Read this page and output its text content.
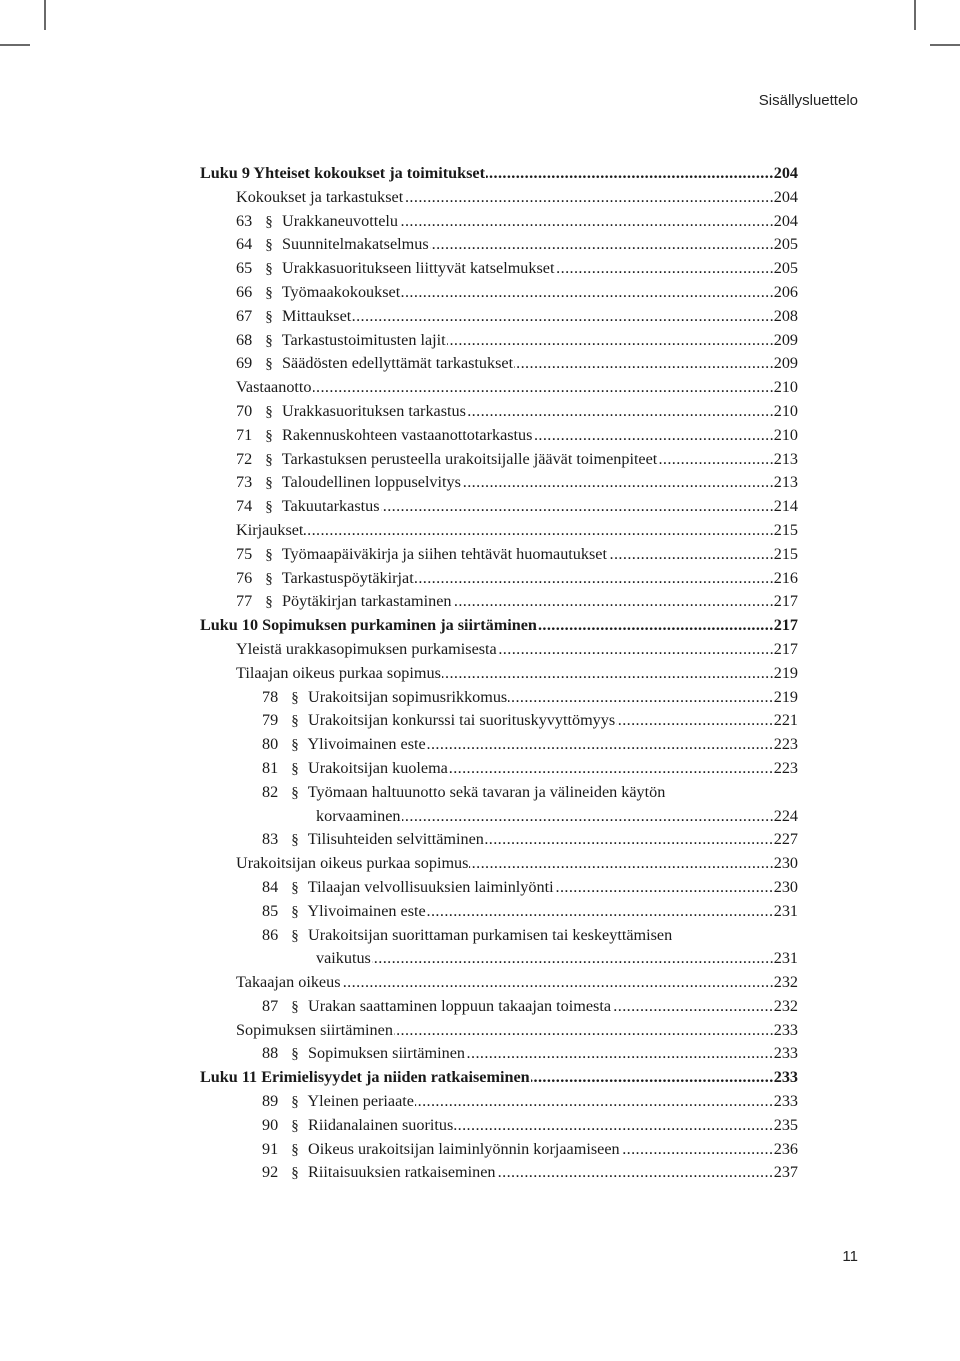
Sisällysluettelo
.....
Luku 9 Yhteiset kokoukset ja toimitukset	204
.....
Kokoukset ja tarkastukset	204
.....
63 § Urakkaneuvottelu	204
.....
64 § Suunnitelmakatselmus	205
.....
65 § Urakkasuoritukseen liittyvät katselmukset	205
.....
66 § Työmaakokoukset	206
.....
67 § Mittaukset	208
.....
68 § Tarkastustoimitusten lajit	209
.....
69 § Säädösten edellyttämät tarkastukset	209
.....
Vastaanotto	210
.....
70 § Urakkasuorituksen tarkastus	210
.....
71 § Rakennuskohteen vastaanottotarkastus	210
.....
72 § Tarkastuksen perusteella urakoitsijalle jäävät toimenpiteet	213
.....
73 § Taloudellinen loppuselvitys	213
.....
74 § Takuutarkastus	214
.....
Kirjaukset	215
.....
75 § Työmaapäiväkirja ja siihen tehtävät huomautukset	215
.....
76 § Tarkastuspöytäkirjat	216
.....
77 § Pöytäkirjan tarkastaminen	217
.....
Luku 10 Sopimuksen purkaminen ja siirtäminen	217
.....
Yleistä urakkasopimuksen purkamisesta	217
.....
Tilaajan oikeus purkaa sopimus	219
.....
78 § Urakoitsijan sopimusrikkomus	219
.....
79 § Urakoitsijan konkurssi tai suorituskyvyttömyys	221
.....
80 § Ylivoimainen este	223
.....
81 § Urakoitsijan kuolema	223
82 § Työmaan haltuunotto sekä tavaran ja välineiden käytön
.....
korvaaminen	224
.....
83 § Tilisuhteiden selvittäminen	227
.....
Urakoitsijan oikeus purkaa sopimus	230
.....
84 § Tilaajan velvollisuuksien laiminlyönti	230
.....
85 § Ylivoimainen este	231
86 § Urakoitsijan suorittaman purkamisen tai keskeyttämisen
.....
vaikutus	231
.....
Takaajan oikeus	232
.....
87 § Urakan saattaminen loppuun takaajan toimesta	232
.....
Sopimuksen siirtäminen	233
.....
88 § Sopimuksen siirtäminen	233
.....
Luku 11 Erimielisyydet ja niiden ratkaiseminen	233
.....
89 § Yleinen periaate	233
.....
90 § Riidanalainen suoritus	235
.....
91 § Oikeus urakoitsijan laiminlyönnin korjaamiseen	236
.....
92 § Riitaisuuksien ratkaiseminen	237
11
